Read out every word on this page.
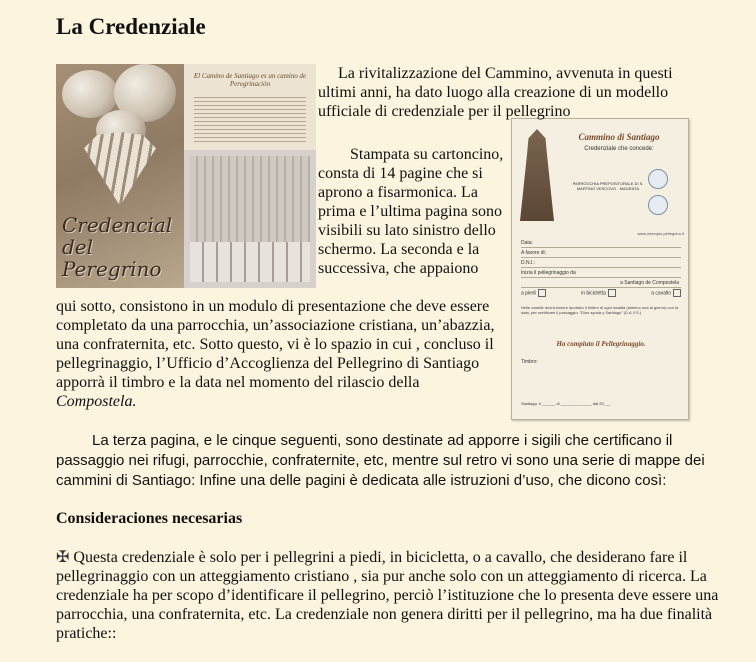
La Credenziale
Credencial del Peregrino
El Camino de Santiago es un camino de Peregrinación
Cammino di Santiago
Credenziale che concede:
PARROCCHIA PREPOSITURALE DI S. MARTINO VESCOVO - MAGENTA
www.esempio-pellegrino.it
Data:
A favore di:
D.N.I.:
Inizia il pellegrinaggio da
a Santiago de Compostela
a piedi	in bicicletta	a cavallo
Nelle caselle dovrà essere riportato il timbro di ogni località (almeno una al giorno) con la data, per certificare il passaggio: "Dios ayuda y Santiago" (D.A.Y.S.)
Ha compiuto il Pellegrinaggio.
Timbro:
Santiago, il ______ di ______________ dal 20___

La rivitalizzazione del Cammino, avvenuta in questi ultimi anni, ha dato luogo alla creazione di un modello ufficiale di credenziale per il pellegrino

Stampata su cartoncino, consta di 14 pagine che si aprono a fisarmonica. La prima e l’ultima pagina sono visibili su lato sinistro dello schermo. La seconda e la successiva, che appaiono

qui sotto, consistono in un modulo di presentazione che deve essere completato da una parrocchia, un’associazione cristiana, un’abazzia, una confraternita, etc. Sotto questo, vi è lo spazio in cui , concluso il pellegrinaggio, l’Ufficio d’Accoglienza del Pellegrino di Santiago apporrà il timbro e la data nel momento del rilascio della Compostela.

La terza pagina, e le cinque seguenti, sono destinate ad apporre i sigili che certificano il passaggio nei rifugi, parrocchie, confraternite, etc, mentre sul retro vi sono una serie di mappe dei cammini di Santiago: Infine una delle pagini è dedicata alle istruzioni d’uso, che dicono così:

Consideraciones necesarias

✠ Questa credenziale è solo per i pellegrini a piedi, in bicicletta, o a cavallo, che desiderano fare il pellegrinaggio con un atteggiamento cristiano , sia pur anche solo con un atteggiamento di ricerca. La credenziale ha per scopo d’identificare il pellegrino, perciò l’istituzione che lo presenta deve essere una parrocchia, una confraternita, etc. La credenziale non genera diritti per il pellegrino, ma ha due finalità pratiche::
